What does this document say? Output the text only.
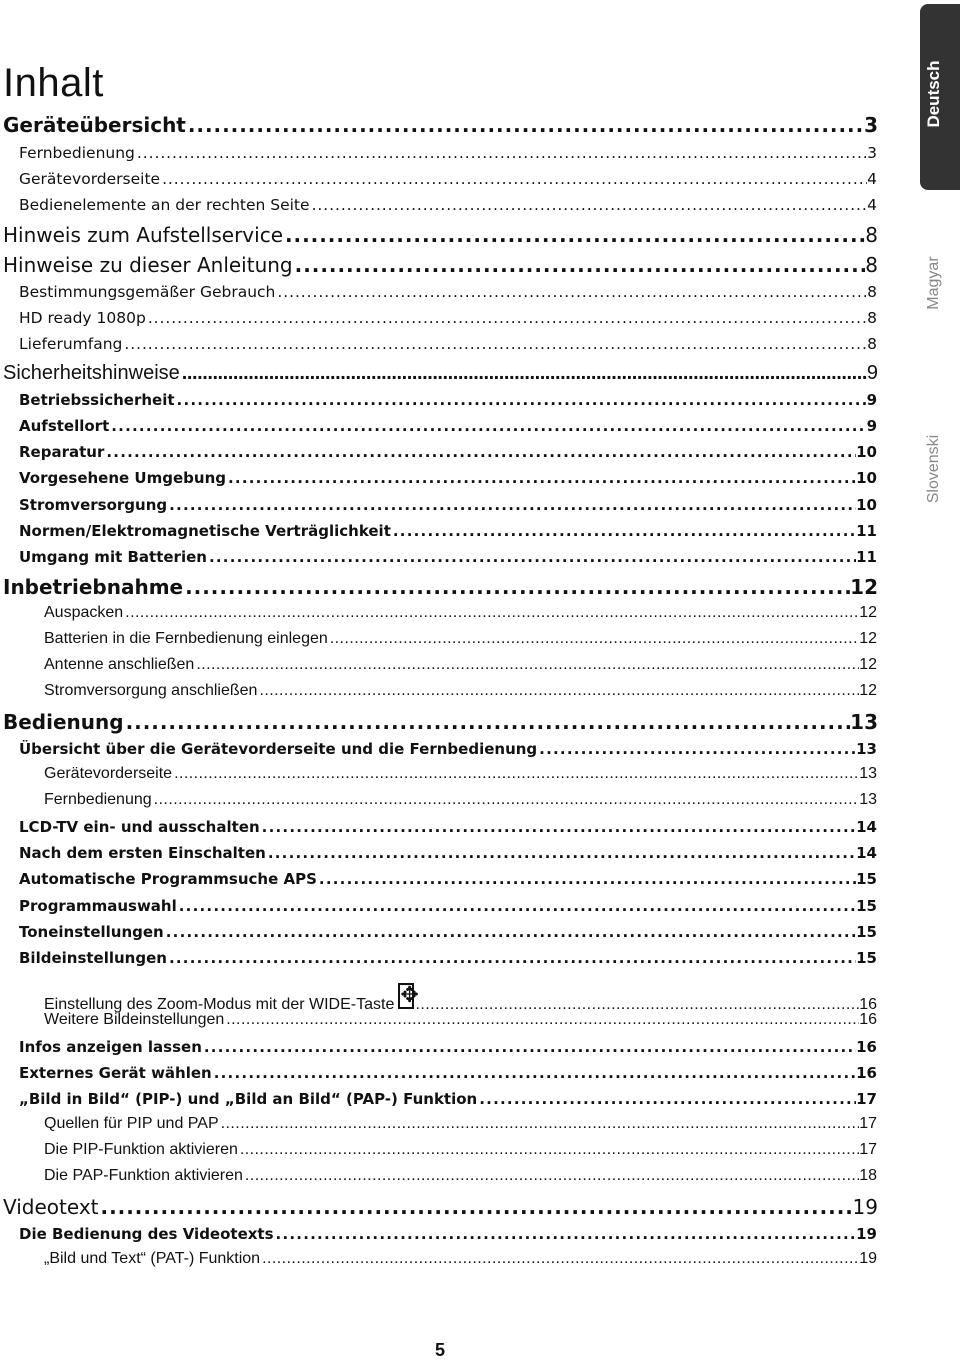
Inhalt
Geräteübersicht . . .	3
Fernbedienung . . .	3
Gerätevorderseite . . .	4
Bedienelemente an der rechten Seite . . .	4
Hinweis zum Aufstellservice . . .	8
Hinweise zu dieser Anleitung . . .	8
Bestimmungsgemäßer Gebrauch . . .	8
HD ready 1080p . . .	8
Lieferumfang . . .	8
Sicherheitshinweise . . .	9
Betriebssicherheit . . .	9
Aufstellort . . .	9
Reparatur . . .	10
Vorgesehene Umgebung . . .	10
Stromversorgung . . .	10
Normen/Elektromagnetische Verträglichkeit . . .	11
Umgang mit Batterien . . .	11
Inbetriebnahme . . .	12
Auspacken . . .	12
Batterien in die Fernbedienung einlegen . . .	12
Antenne anschließen . . .	12
Stromversorgung anschließen . . .	12
Bedienung . . .	13
Übersicht über die Gerätevorderseite und die Fernbedienung . . .	13
Gerätevorderseite . . .	13
Fernbedienung . . .	13
LCD-TV ein- und ausschalten . . .	14
Nach dem ersten Einschalten . . .	14
Automatische Programmsuche APS . . .	15
Programmauswahl . . .	15
Toneinstellungen . . .	15
Bildeinstellungen . . .	15
Einstellung des Zoom-Modus mit der WIDE-Taste ✥ . . .	16
Weitere Bildeinstellungen . . .	16
Infos anzeigen lassen . . .	16
Externes Gerät wählen . . .	16
„Bild in Bild“ (PIP-) und „Bild an Bild“ (PAP-) Funktion . . .	17
Quellen für PIP und PAP . . .	17
Die PIP-Funktion aktivieren . . .	17
Die PAP-Funktion aktivieren . . .	18
Videotext . . .	19
Die Bedienung des Videotexts . . .	19
„Bild und Text“ (PAT-) Funktion . . .	19
Deutsch
Magyar
Slovenski
5
